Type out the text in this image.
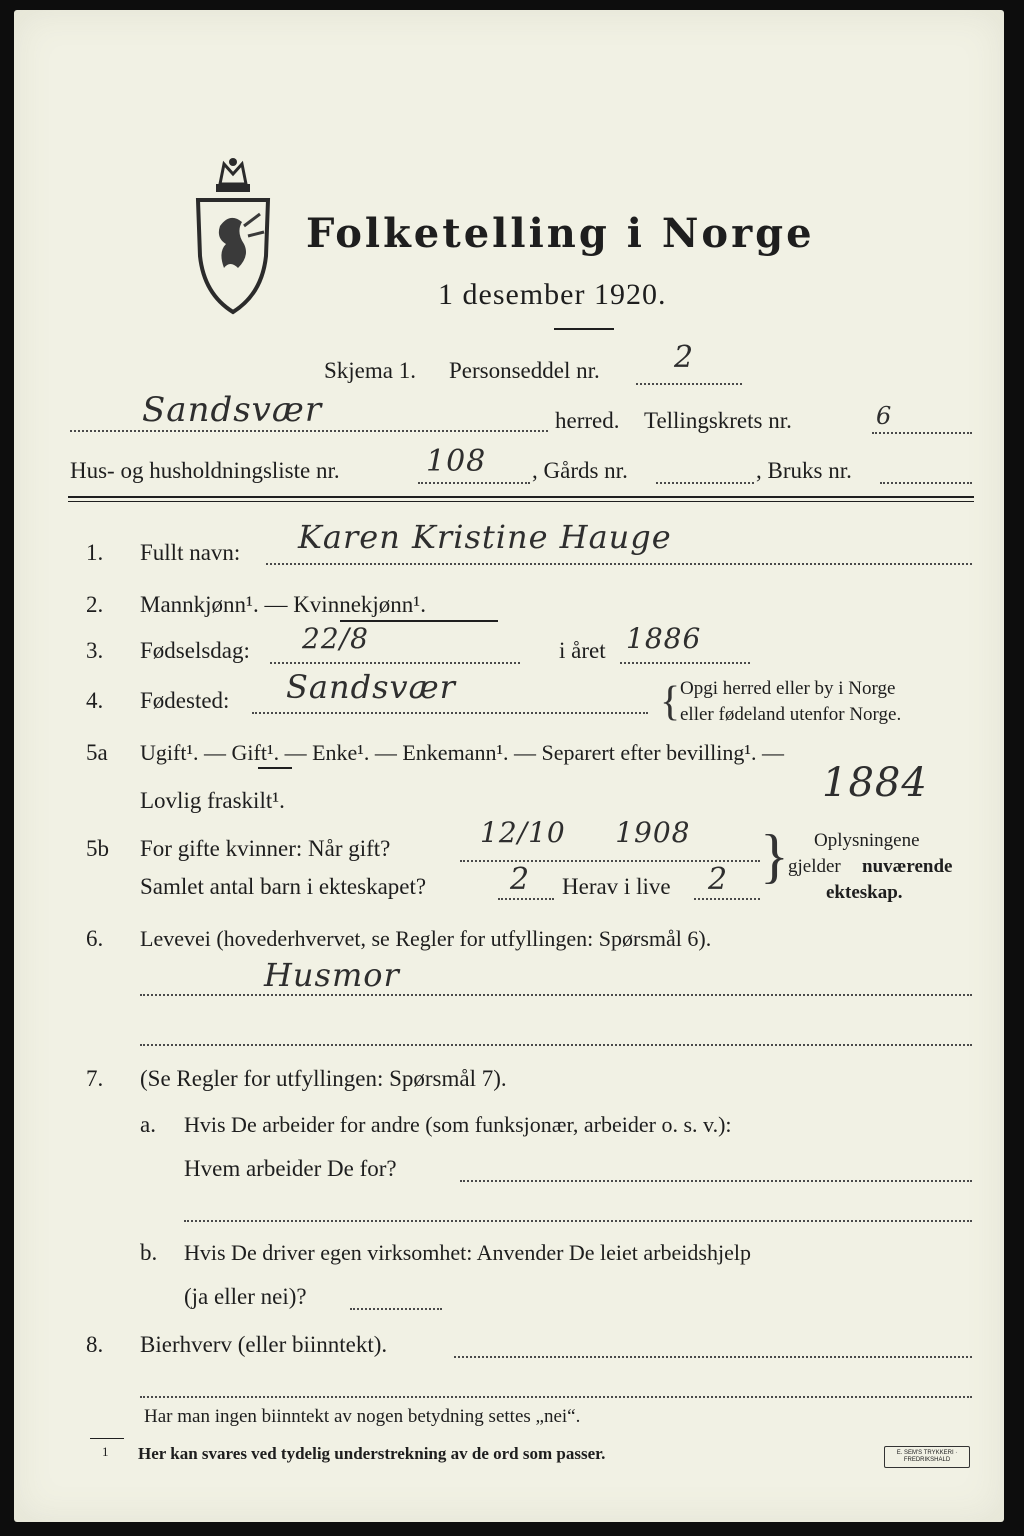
Folketelling i Norge
1 desember 1920.
Skjema 1. Personseddel nr. 2
Sandsvær	herred. Tellingskrets nr.	6
Hus- og husholdningsliste nr.	108 , Gårds nr.	, Bruks nr.
1. Fullt navn: Karen Kristine Hauge
2. Mannkjønn¹. — Kvinnekjønn¹.
3. Fødselsdag: 22/8	i året 1886
4. Fødested: Sandsvær	{ Opgi herred eller by i Norge
eller fødeland utenfor Norge.
5a Ugift¹. — Gift¹. — Enke¹. — Enkemann¹. — Separert efter bevilling¹. —
Lovlig fraskilt¹.	1884
5b For gifte kvinner: Når gift?	12/10     1908
Samlet antal barn i ekteskapet?	2 Herav i live 2 } Oplysningene
gjelder nuværende
ekteskap.
6. Levevei (hovederhvervet, se Regler for utfyllingen: Spørsmål 6).
Husmor
7. (Se Regler for utfyllingen: Spørsmål 7).
a. Hvis De arbeider for andre (som funksjonær, arbeider o. s. v.):
Hvem arbeider De for?
b. Hvis De driver egen virksomhet: Anvender De leiet arbeidshjelp
(ja eller nei)?
8. Bierhverv (eller biinntekt).
Har man ingen biinntekt av nogen betydning settes „nei“.
1 Her kan svares ved tydelig understrekning av de ord som passer.	E. SEM'S TRYKKERI · FREDRIKSHALD
